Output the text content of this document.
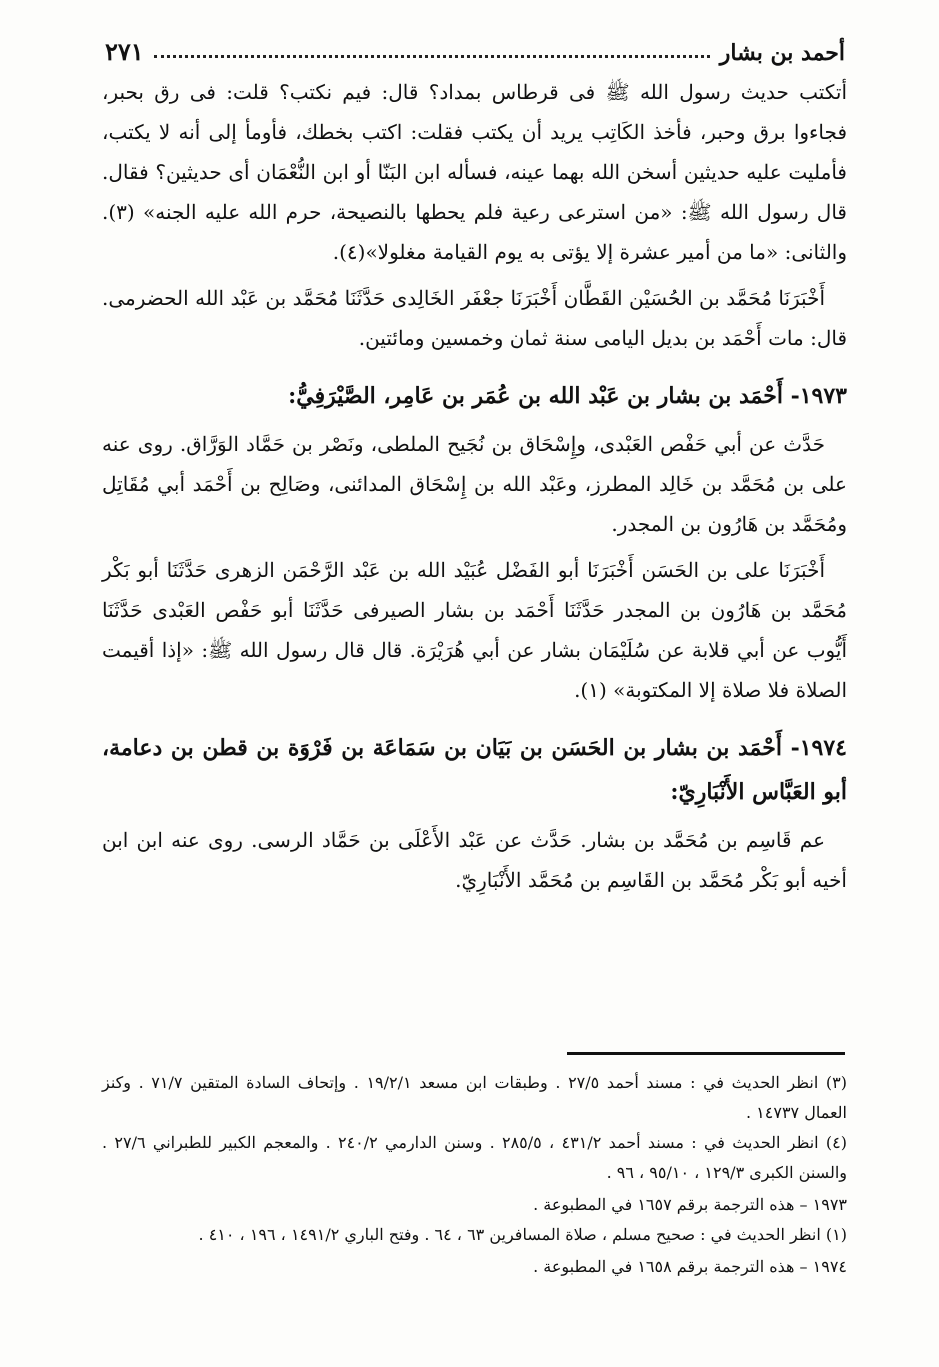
أحمد بن بشار
٢٧١

أتكتب حديث رسول الله ﷺ فى قرطاس بمداد؟ قال: فيم نكتب؟ قلت: فى رق بحبر، فجاءوا برق وحبر، فأخذ الكَاتِب يريد أن يكتب فقلت: اكتب بخطك، فأومأ إلى أنه لا يكتب، فأمليت عليه حديثين أسخن الله بهما عينه، فسأله ابن البَنّا أو ابن النُّعْمَان أى حديثين؟ فقال. قال رسول الله ﷺ: «من استرعى رعية فلم يحطها بالنصيحة، حرم الله عليه الجنه» (٣). والثانى: «ما من أمير عشرة إلا يؤتى به يوم القيامة مغلولا»(٤).

أَخْبَرَنَا مُحَمَّد بن الحُسَيْن القَطَّان أَخْبَرَنَا جعْفَر الخَالِدى حَدَّثَنَا مُحَمَّد بن عَبْد الله الحضرمى. قال: مات أَحْمَد بن بديل اليامى سنة ثمان وخمسين ومائتين.

١٩٧٣- أَحْمَد بن بشار بن عَبْد الله بن عُمَر بن عَامِر، الصَّيْرَفِيُّ:

حَدَّث عن أبي حَفْص العَبْدى، وإِسْحَاق بن نُجَيح الملطى، ونَصْر بن حَمَّاد الوَرَّاق. روى عنه على بن مُحَمَّد بن خَالِد المطرز، وعَبْد الله بن إِسْحَاق المدائنى، وصَالِح بن أَحْمَد أبي مُقَاتِل ومُحَمَّد بن هَارُون بن المجدر.

أَخْبَرَنَا على بن الحَسَن أَخْبَرَنَا أبو الفَضْل عُبَيْد الله بن عَبْد الرَّحْمَن الزهرى حَدَّثَنَا أبو بَكْر مُحَمَّد بن هَارُون بن المجدر حَدَّثَنَا أَحْمَد بن بشار الصيرفى حَدَّثَنَا أبو حَفْص العَبْدى حَدَّثَنَا أَيُّوب عن أبي قلابة عن سُلَيْمَان بشار عن أبي هُرَيْرَة. قال قال رسول الله ﷺ: «إذا أقيمت الصلاة فلا صلاة إلا المكتوبة» (١).

١٩٧٤- أَحْمَد بن بشار بن الحَسَن بن بَيَان بن سَمَاعَة بن فَرْوَة بن قطن بن دعامة، أبو العَبَّاس الأَنْبَارِيّ:

عم قَاسِم بن مُحَمَّد بن بشار. حَدَّث عن عَبْد الأَعْلَى بن حَمَّاد الرسى. روى عنه ابن ابن أخيه أبو بَكْر مُحَمَّد بن القَاسِم بن مُحَمَّد الأَنْبَارِيّ.

(٣) انظر الحديث في : مسند أحمد ٢٧/٥ . وطبقات ابن مسعد ١٩/٢/١ . وإتحاف السادة المتقين ٧١/٧ . وكنز العمال ١٤٧٣٧ .

(٤) انظر الحديث في : مسند أحمد ٤٣١/٢ ، ٢٨٥/٥ . وسنن الدارمي ٢٤٠/٢ . والمعجم الكبير للطبراني ٢٧/٦ . والسنن الكبرى ١٢٩/٣ ، ٩٥/١٠ ، ٩٦ .

١٩٧٣ – هذه الترجمة برقم ١٦٥٧ في المطبوعة .

(١) انظر الحديث في : صحيح مسلم ، صلاة المسافرين ٦٣ ، ٦٤ . وفتح الباري ١٤٩١/٢ ، ١٩٦ ، ٤١٠ .

١٩٧٤ – هذه الترجمة برقم ١٦٥٨ في المطبوعة .
